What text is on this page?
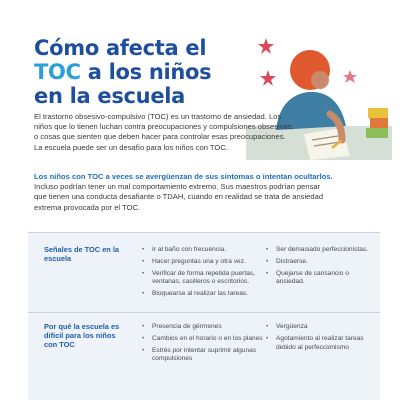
Cómo afecta el
TOC a los niños
en la escuela

El trastorno obsesivo-compulsivo (TOC) es un trastorno de ansiedad. Los niños que lo tienen luchan contra preocupaciones y compulsiones obsesivas, o cosas que sienten que deben hacer para controlar esas preocupaciones. La escuela puede ser un desafío para los niños con TOC.

Los niños con TOC a veces se avergüenzan de sus síntomas o intentan ocultarlos. Incluso podrían tener un mal comportamiento extremo. Sus maestros podrían pensar que tienen una conducta desafiante o TDAH, cuando en realidad se trata de ansiedad extrema provocada por el TOC.

Señales de TOC en la escuela
• Ir al baño con frecuencia.
• Hacer preguntas una y otra vez.
• Verificar de forma repetida puertas, ventanas, casilleros o escritorios.
• Bloquearse al realizar las tareas.
• Ser demasiado perfeccionistas.
• Distraerse.
• Quejarse de cansancio o ansiedad.
Por qué la escuela es difícil para los niños con TOC
• Presencia de gérmenes
• Cambios en el horario o en los planes
• Estrés por intentar suprimir algunas compulsiones
• Vergüenza
• Agotamiento al realizar tareas debido al perfeccionismo
